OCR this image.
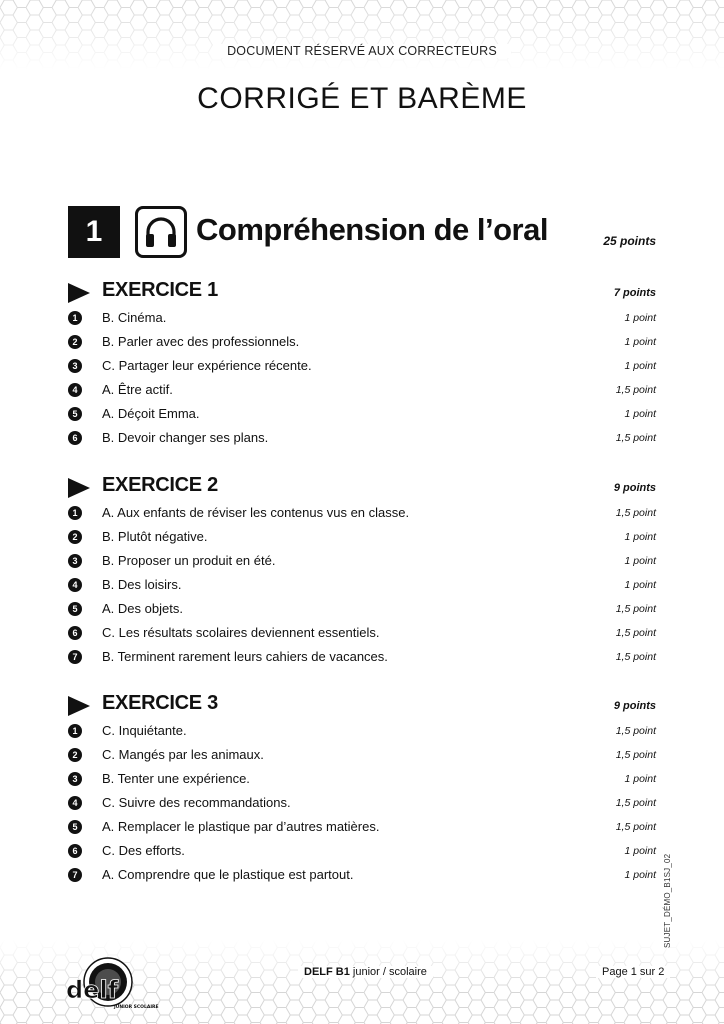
DOCUMENT RÉSERVÉ AUX CORRECTEURS
CORRIGÉ ET BARÈME
1	Compréhension de l’oral	25 points
EXERCICE 1	7 points
1	B. Cinéma.	1 point
2	B. Parler avec des professionnels.	1 point
3	C. Partager leur expérience récente.	1 point
4	A. Être actif.	1,5 point
5	A. Déçoit Emma.	1 point
6	B. Devoir changer ses plans.	1,5 point
EXERCICE 2	9 points
1	A. Aux enfants de réviser les contenus vus en classe.	1,5 point
2	B. Plutôt négative.	1 point
3	B. Proposer un produit en été.	1 point
4	B. Des loisirs.	1 point
5	A. Des objets.	1,5 point
6	C. Les résultats scolaires deviennent essentiels.	1,5 point
7	B. Terminent rarement leurs cahiers de vacances.	1,5 point
EXERCICE 3	9 points
1	C. Inquiétante.	1,5 point
2	C. Mangés par les animaux.	1,5 point
3	B. Tenter une expérience.	1 point
4	C. Suivre des recommandations.	1,5 point
5	A. Remplacer le plastique par d’autres matières.	1,5 point
6	C. Des efforts.	1 point
7	A. Comprendre que le plastique est partout.	1 point SUJET_DÉMO_B1SJ_02
delf
JUNIOR SCOLAIRE
DELF B1 junior / scolaire	Page 1 sur 2
